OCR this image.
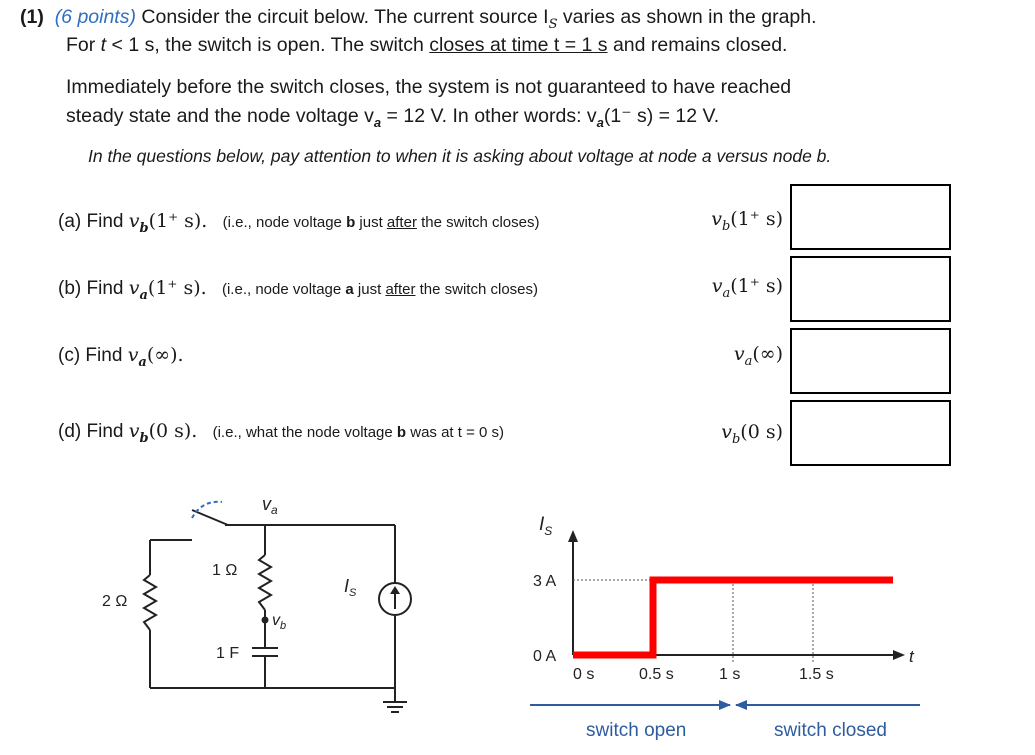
(1) (6 points) Consider the circuit below. The current source $I_S$ varies as shown in the graph.
For t < 1 s, the switch is open. The switch closes at time t = 1 s and remains closed.
Immediately before the switch closes, the system is not guaranteed to have reached
steady state and the node voltage $v_a = 12$ V. In other words: $v_a(1^-$ s) = 12 V.
In the questions below, pay attention to when it is asking about voltage at node a versus node b.
(a) Find $v_b(1^+$ s). (i.e., node voltage b just after the switch closes)	$v_b(1^+$ s)
(b) Find $v_a(1^+$ s). (i.e., node voltage a just after the switch closes)	$v_a(1^+$ s)
(c) Find $v_a(\infty)$.	$v_a(\infty)$
(d) Find $v_b(0$ s). (i.e., what the node voltage b was at t = 0 s)	$v_b(0$ s)
$v_a$
$v_b$
1 Ω
2 Ω
1 F
$I_S$
$I_S$
t
3 A
0 A
0 s	0.5 s	1 s	1.5 s
switch open	switch closed
